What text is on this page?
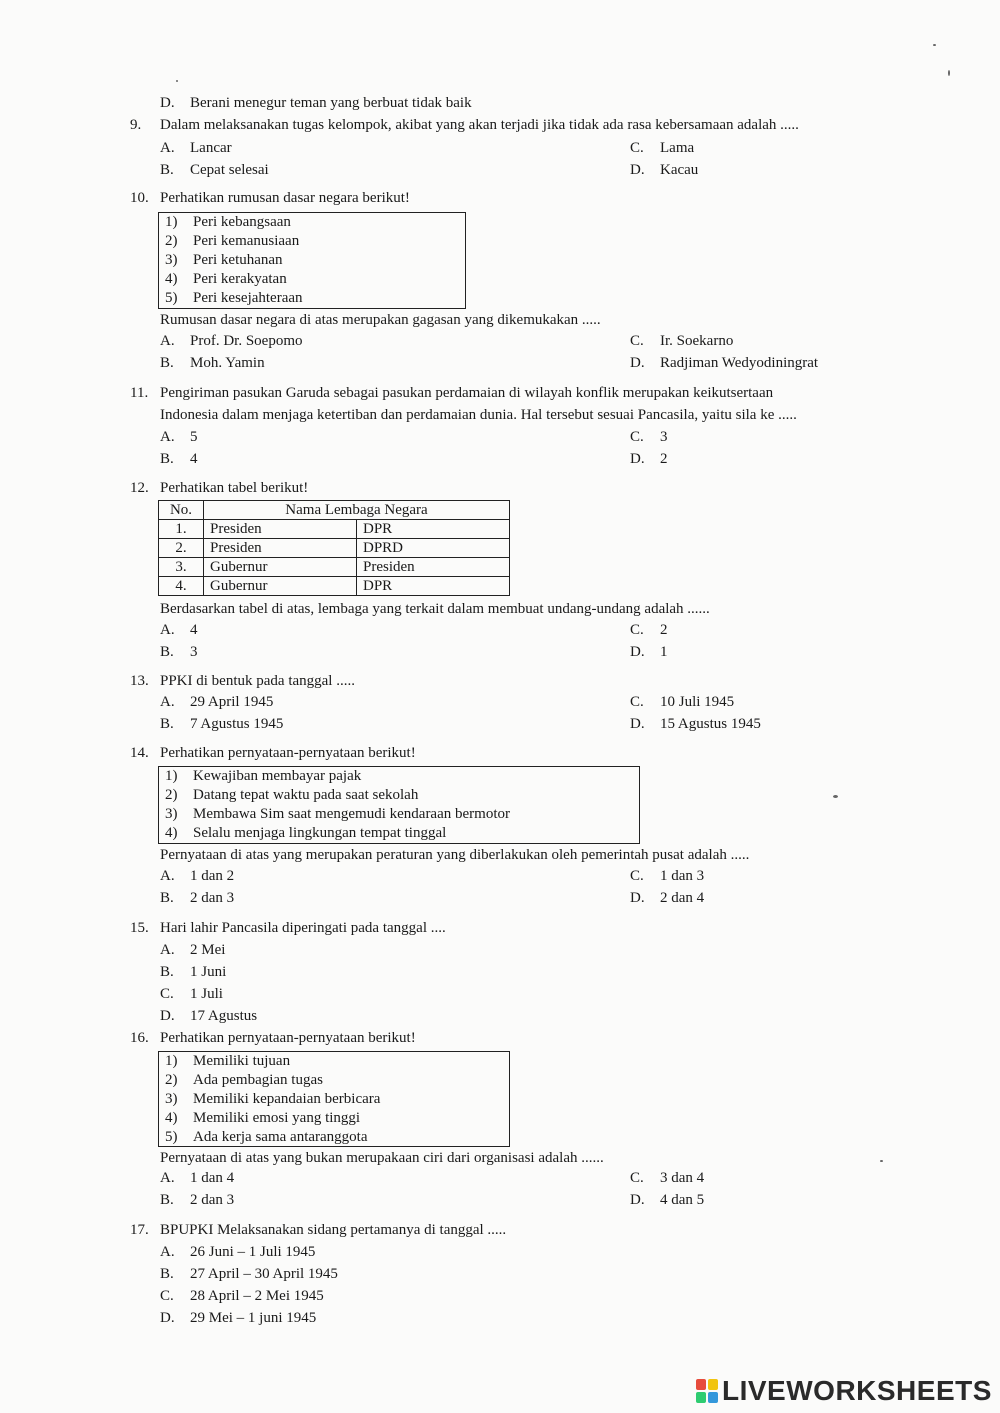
D. Berani menegur teman yang berbuat tidak baik
9. Dalam melaksanakan tugas kelompok, akibat yang akan terjadi jika tidak ada rasa kebersamaan adalah .....
A. Lancar
B. Cepat selesai
C. Lama
D. Kacau
10. Perhatikan rumusan dasar negara berikut!
1) Peri kebangsaan
2) Peri kemanusiaan
3) Peri ketuhanan
4) Peri kerakyatan
5) Peri kesejahteraan
Rumusan dasar negara di atas merupakan gagasan yang dikemukakan .....
A. Prof. Dr. Soepomo
B. Moh. Yamin
C. Ir. Soekarno
D. Radjiman Wedyodiningrat
11. Pengiriman pasukan Garuda sebagai pasukan perdamaian di wilayah konflik merupakan keikutsertaan
Indonesia dalam menjaga ketertiban dan perdamaian dunia. Hal tersebut sesuai Pancasila, yaitu sila ke .....
A. 5
B. 4
C. 3
D. 2
12. Perhatikan tabel berikut!
No.	Nama Lembaga Negara	
1.	Presiden	DPR
2.	Presiden	DPRD
3.	Gubernur	Presiden
4.	Gubernur	DPR
Berdasarkan tabel di atas, lembaga yang terkait dalam membuat undang-undang adalah ......
A. 4
B. 3
C. 2
D. 1
13. PPKI di bentuk pada tanggal .....
A. 29 April 1945
B. 7 Agustus 1945
C. 10 Juli 1945
D. 15 Agustus 1945
14. Perhatikan pernyataan-pernyataan berikut!
1) Kewajiban membayar pajak
2) Datang tepat waktu pada saat sekolah
3) Membawa Sim saat mengemudi kendaraan bermotor
4) Selalu menjaga lingkungan tempat tinggal
Pernyataan di atas yang merupakan peraturan yang diberlakukan oleh pemerintah pusat adalah .....
A. 1 dan 2
B. 2 dan 3
C. 1 dan 3
D. 2 dan 4
15. Hari lahir Pancasila diperingati pada tanggal ....
A. 2 Mei
B. 1 Juni
C. 1 Juli
D. 17 Agustus
16. Perhatikan pernyataan-pernyataan berikut!
1) Memiliki tujuan
2) Ada pembagian tugas
3) Memiliki kepandaian berbicara
4) Memiliki emosi yang tinggi
5) Ada kerja sama antaranggota
Pernyataan di atas yang bukan merupakaan ciri dari organisasi adalah ......
A. 1 dan 4
B. 2 dan 3
C. 3 dan 4
D. 4 dan 5
17. BPUPKI Melaksanakan sidang pertamanya di tanggal .....
A. 26 Juni – 1 Juli 1945
B. 27 April – 30 April 1945
C. 28 April – 2 Mei 1945
D. 29 Mei – 1 juni 1945
LIVEWORKSHEETS
